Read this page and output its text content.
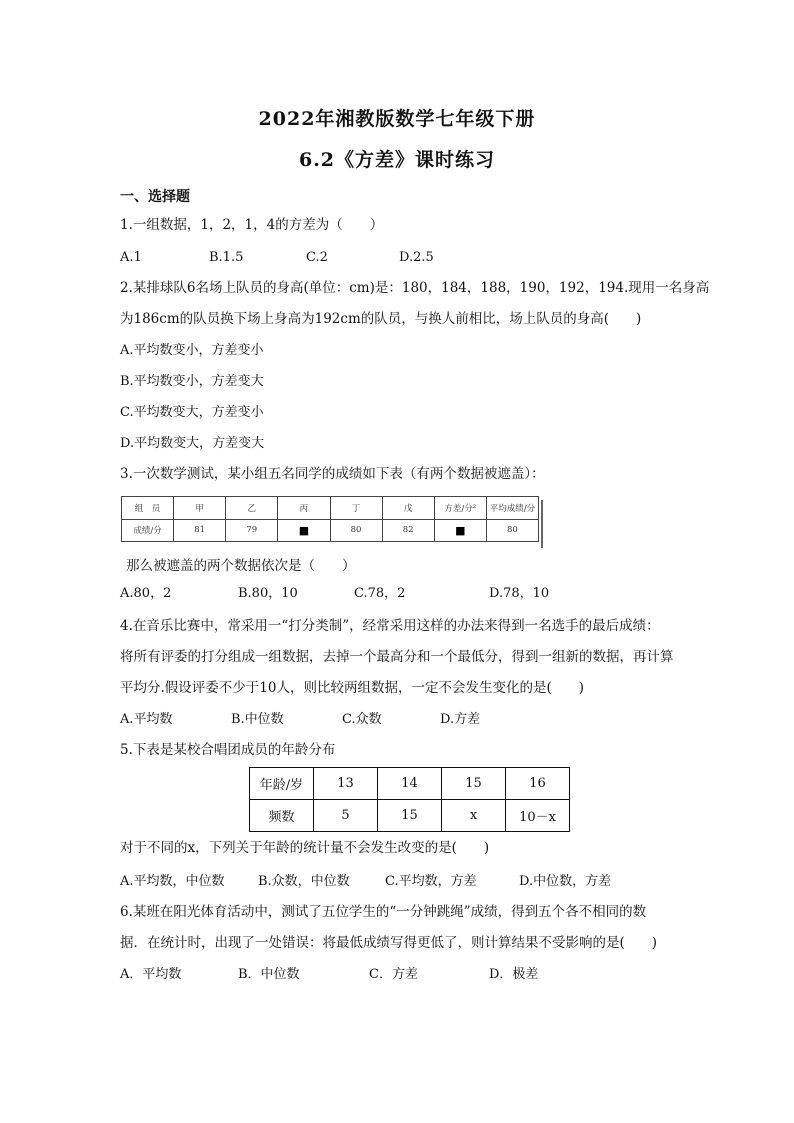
2022年湘教版数学七年级下册
6.2《方差》课时练习
一、选择题
1.一组数据，1，2，1，4的方差为（　　）
A.1	B.1.5	C.2	D.2.5
2.某排球队6名场上队员的身高(单位：cm)是：180，184，188，190，192，194.现用一名身高
为186cm的队员换下场上身高为192cm的队员，与换人前相比，场上队员的身高(　　)
A.平均数变小，方差变小
B.平均数变小，方差变大
C.平均数变大，方差变小
D.平均数变大，方差变大
3.一次数学测试，某小组五名同学的成绩如下表（有两个数据被遮盖）：
组　员	甲	乙	丙	丁	戊	方差/分²	平均成绩/分
成绩/分	81	79	■	80	82	■	80
那么被遮盖的两个数据依次是（　　）
A.80，2	B.80，10	C.78，2	D.78，10
4.在音乐比赛中，常采用一“打分类制”，经常采用这样的办法来得到一名选手的最后成绩：
将所有评委的打分组成一组数据，去掉一个最高分和一个最低分，得到一组新的数据，再计算
平均分.假设评委不少于10人，则比较两组数据，一定不会发生变化的是(　　)
A.平均数	B.中位数	C.众数	D.方差
5.下表是某校合唱团成员的年龄分布
年龄/岁	13	14	15	16
频数	5	15	x	10－x
对于不同的x，下列关于年龄的统计量不会发生改变的是(　　)
A.平均数，中位数	B.众数，中位数	C.平均数，方差	D.中位数，方差
6.某班在阳光体育活动中，测试了五位学生的“一分钟跳绳”成绩，得到五个各不相同的数
据．在统计时，出现了一处错误：将最低成绩写得更低了，则计算结果不受影响的是(　　)
A．平均数	B．中位数	C．方差	D．极差
